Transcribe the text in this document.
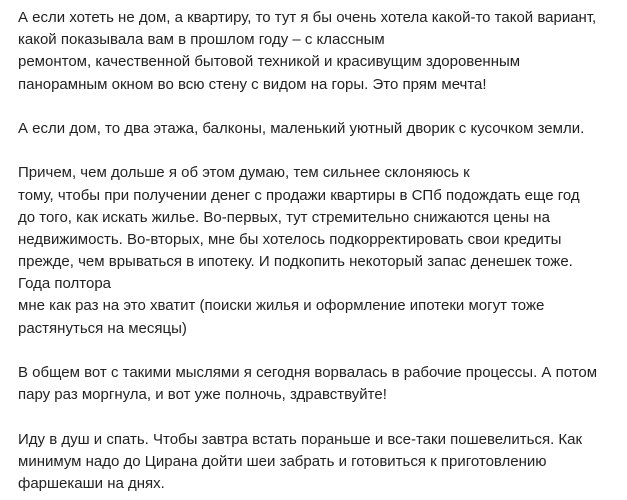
А если хотеть не дом, а квартиру, то тут я бы очень хотела какой-то такой вариант,
какой показывала вам в прошлом году – с классным
ремонтом, качественной бытовой техникой и красивущим здоровенным
панорамным окном во всю стену с видом на горы. Это прям мечта!
А если дом, то два этажа, балконы, маленький уютный дворик с кусочком земли.
Причем, чем дольше я об этом думаю, тем сильнее склоняюсь к
тому, чтобы при получении денег с продажи квартиры в СПб подождать еще год
до того, как искать жилье. Во-первых, тут стремительно снижаются цены на
недвижимость. Во-вторых, мне бы хотелось подкорректировать свои кредиты
прежде, чем врываться в ипотеку. И подкопить некоторый запас денешек тоже.
Года полтора
мне как раз на это хватит (поиски жилья и оформление ипотеки могут тоже
растянуться на месяцы)
В общем вот с такими мыслями я сегодня ворвалась в рабочие процессы. А потом
пару раз моргнула, и вот уже полночь, здравствуйте!
Иду в душ и спать. Чтобы завтра встать пораньше и все-таки пошевелиться. Как
минимум надо до Цирана дойти шеи забрать и готовиться к приготовлению
фаршекаши на днях.
